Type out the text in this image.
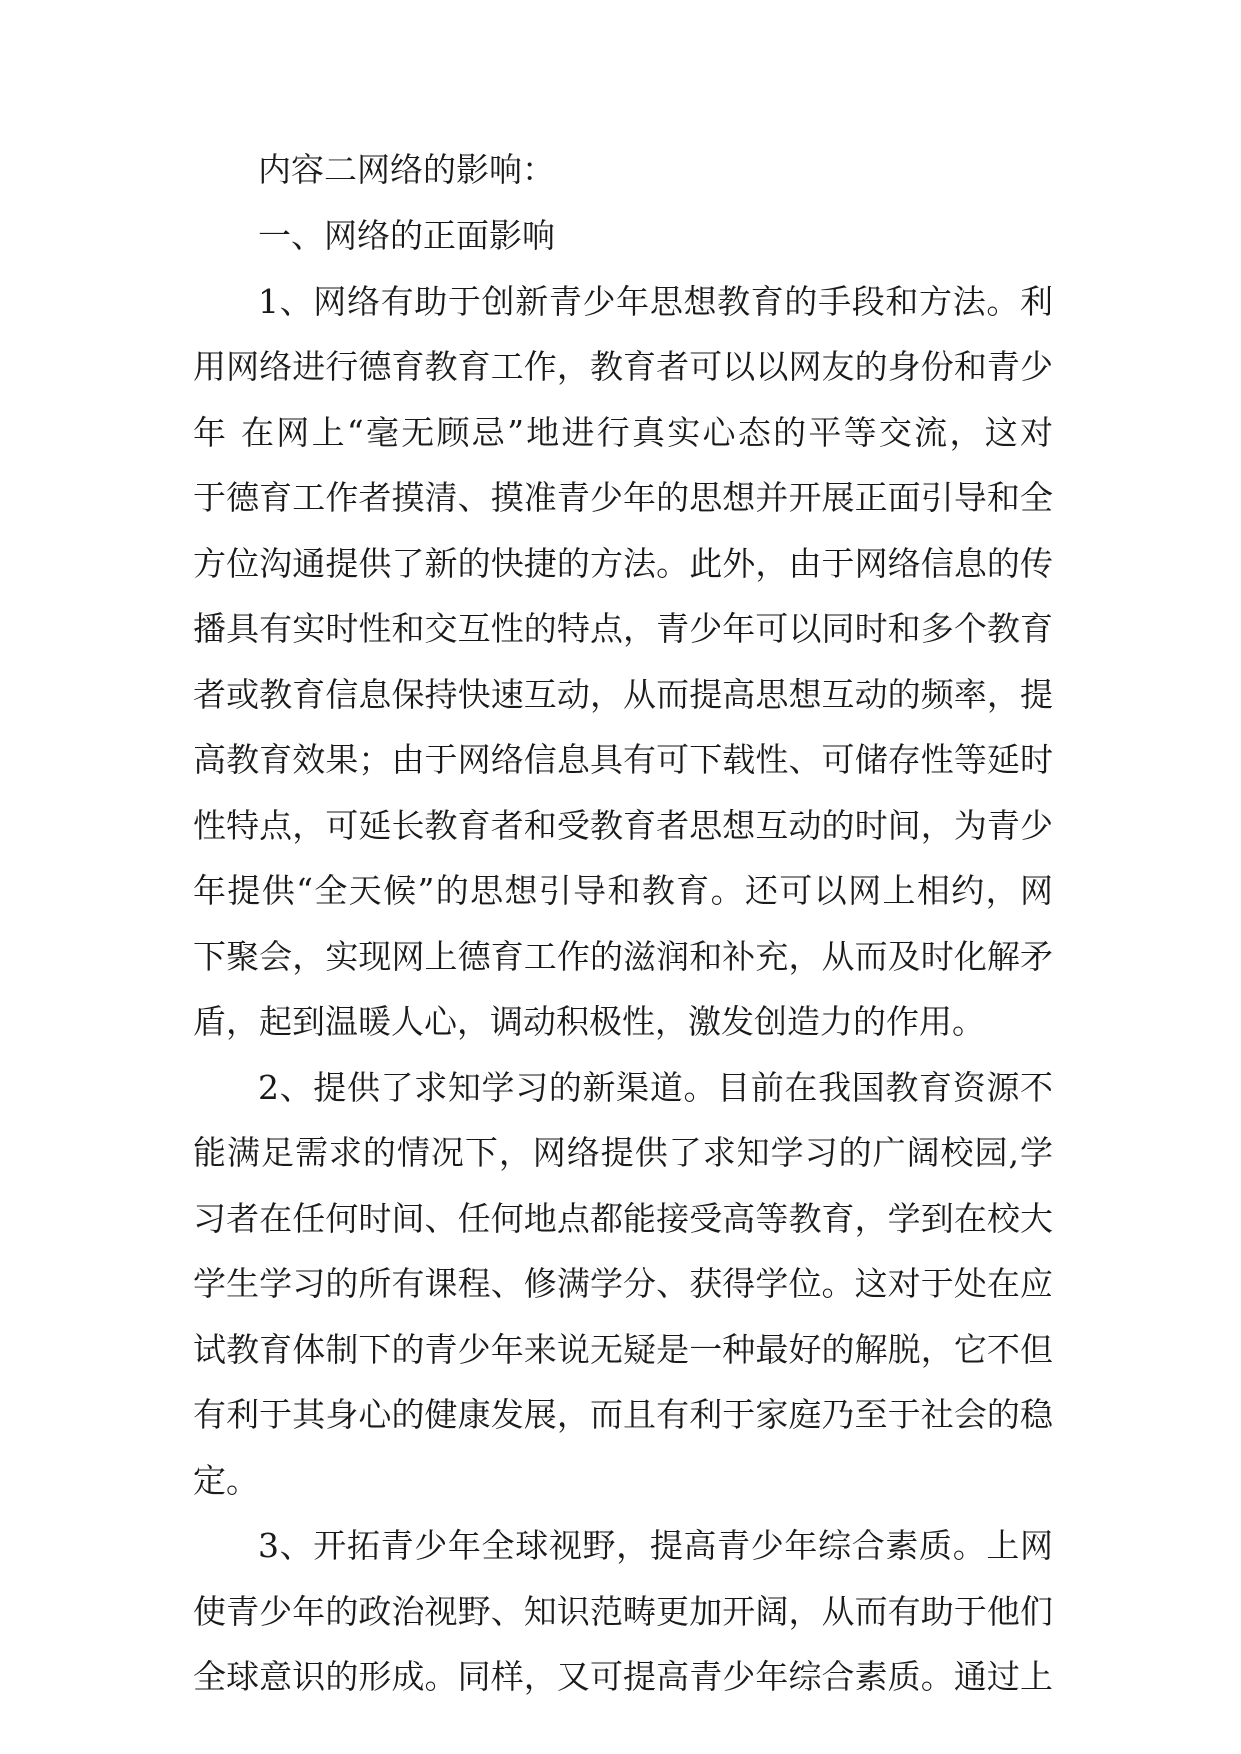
内容二网络的影响：
一、网络的正面影响
1、网络有助于创新青少年思想教育的手段和方法。利
用网络进行德育教育工作，教育者可以以网友的身份和青少
年 在网上“毫无顾忌”地进行真实心态的平等交流，这对
于德育工作者摸清、摸准青少年的思想并开展正面引导和全
方位沟通提供了新的快捷的方法。此外，由于网络信息的传
播具有实时性和交互性的特点，青少年可以同时和多个教育
者或教育信息保持快速互动，从而提高思想互动的频率，提
高教育效果；由于网络信息具有可下载性、可储存性等延时
性特点，可延长教育者和受教育者思想互动的时间，为青少
年提供“全天候”的思想引导和教育。还可以网上相约，网
下聚会，实现网上德育工作的滋润和补充，从而及时化解矛
盾，起到温暖人心，调动积极性，激发创造力的作用。
2、提供了求知学习的新渠道。目前在我国教育资源不
能满足需求的情况下，网络提供了求知学习的广阔校园,学
习者在任何时间、任何地点都能接受高等教育，学到在校大
学生学习的所有课程、修满学分、获得学位。这对于处在应
试教育体制下的青少年来说无疑是一种最好的解脱，它不但
有利于其身心的健康发展，而且有利于家庭乃至于社会的稳
定。
3、开拓青少年全球视野，提高青少年综合素质。上网
使青少年的政治视野、知识范畴更加开阔，从而有助于他们
全球意识的形成。同样，又可提高青少年综合素质。通过上
